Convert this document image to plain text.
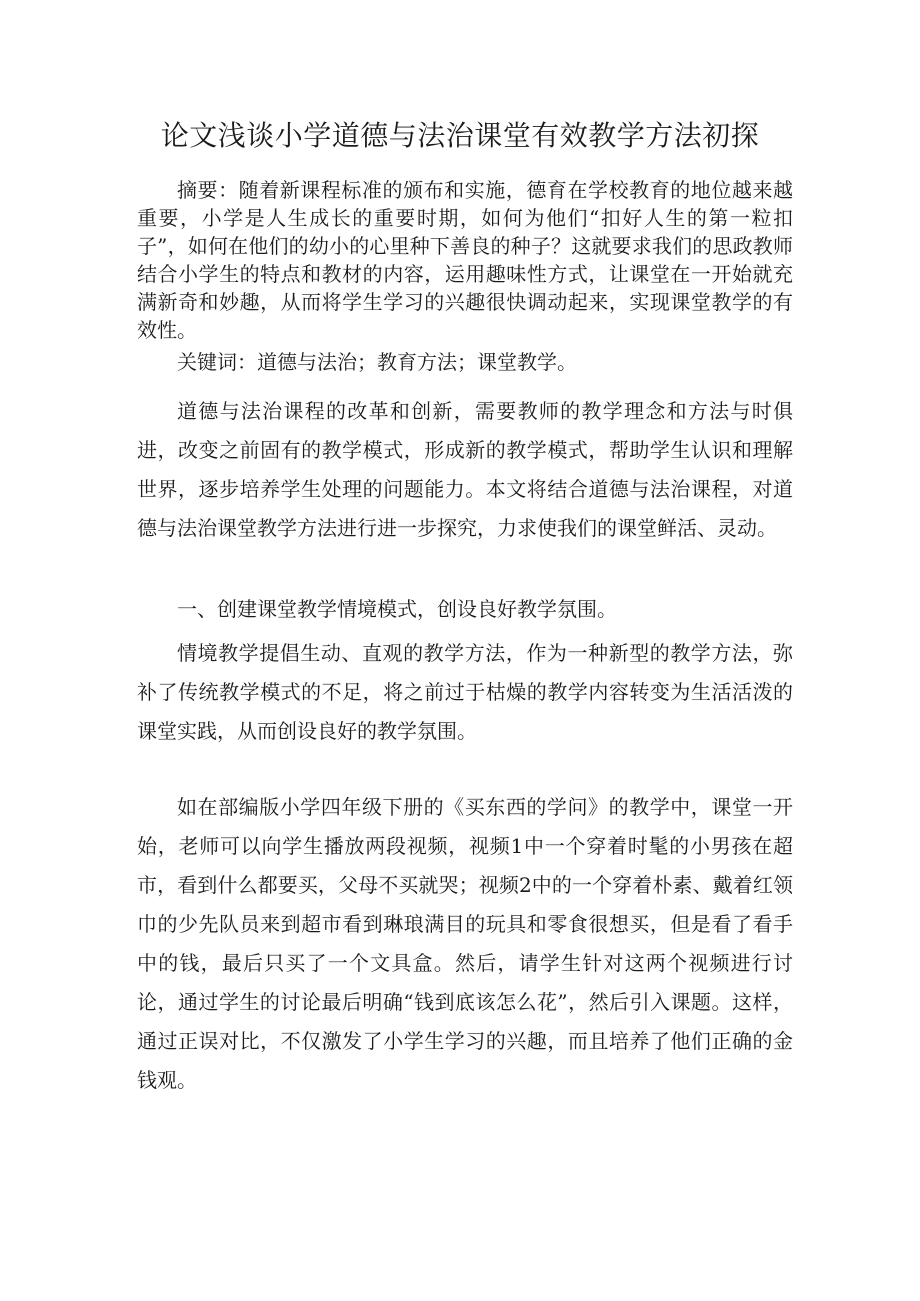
论文浅谈小学道德与法治课堂有效教学方法初探

摘要：随着新课程标准的颁布和实施，德育在学校教育的地位越来越重要，小学是人生成长的重要时期，如何为他们“扣好人生的第一粒扣子”，如何在他们的幼小的心里种下善良的种子？这就要求我们的思政教师结合小学生的特点和教材的内容，运用趣味性方式，让课堂在一开始就充满新奇和妙趣，从而将学生学习的兴趣很快调动起来，实现课堂教学的有效性。

关键词：道德与法治；教育方法；课堂教学。

道德与法治课程的改革和创新，需要教师的教学理念和方法与时俱进，改变之前固有的教学模式，形成新的教学模式，帮助学生认识和理解世界，逐步培养学生处理的问题能力。本文将结合道德与法治课程，对道德与法治课堂教学方法进行进一步探究，力求使我们的课堂鲜活、灵动。

一、创建课堂教学情境模式，创设良好教学氛围。

情境教学提倡生动、直观的教学方法，作为一种新型的教学方法，弥补了传统教学模式的不足，将之前过于枯燥的教学内容转变为生活活泼的课堂实践，从而创设良好的教学氛围。

如在部编版小学四年级下册的《买东西的学问》的教学中，课堂一开始，老师可以向学生播放两段视频，视频1中一个穿着时髦的小男孩在超市，看到什么都要买，父母不买就哭；视频2中的一个穿着朴素、戴着红领巾的少先队员来到超市看到琳琅满目的玩具和零食很想买，但是看了看手中的钱，最后只买了一个文具盒。然后，请学生针对这两个视频进行讨论，通过学生的讨论最后明确“钱到底该怎么花”，然后引入课题。这样，通过正误对比，不仅激发了小学生学习的兴趣，而且培养了他们正确的金钱观。
